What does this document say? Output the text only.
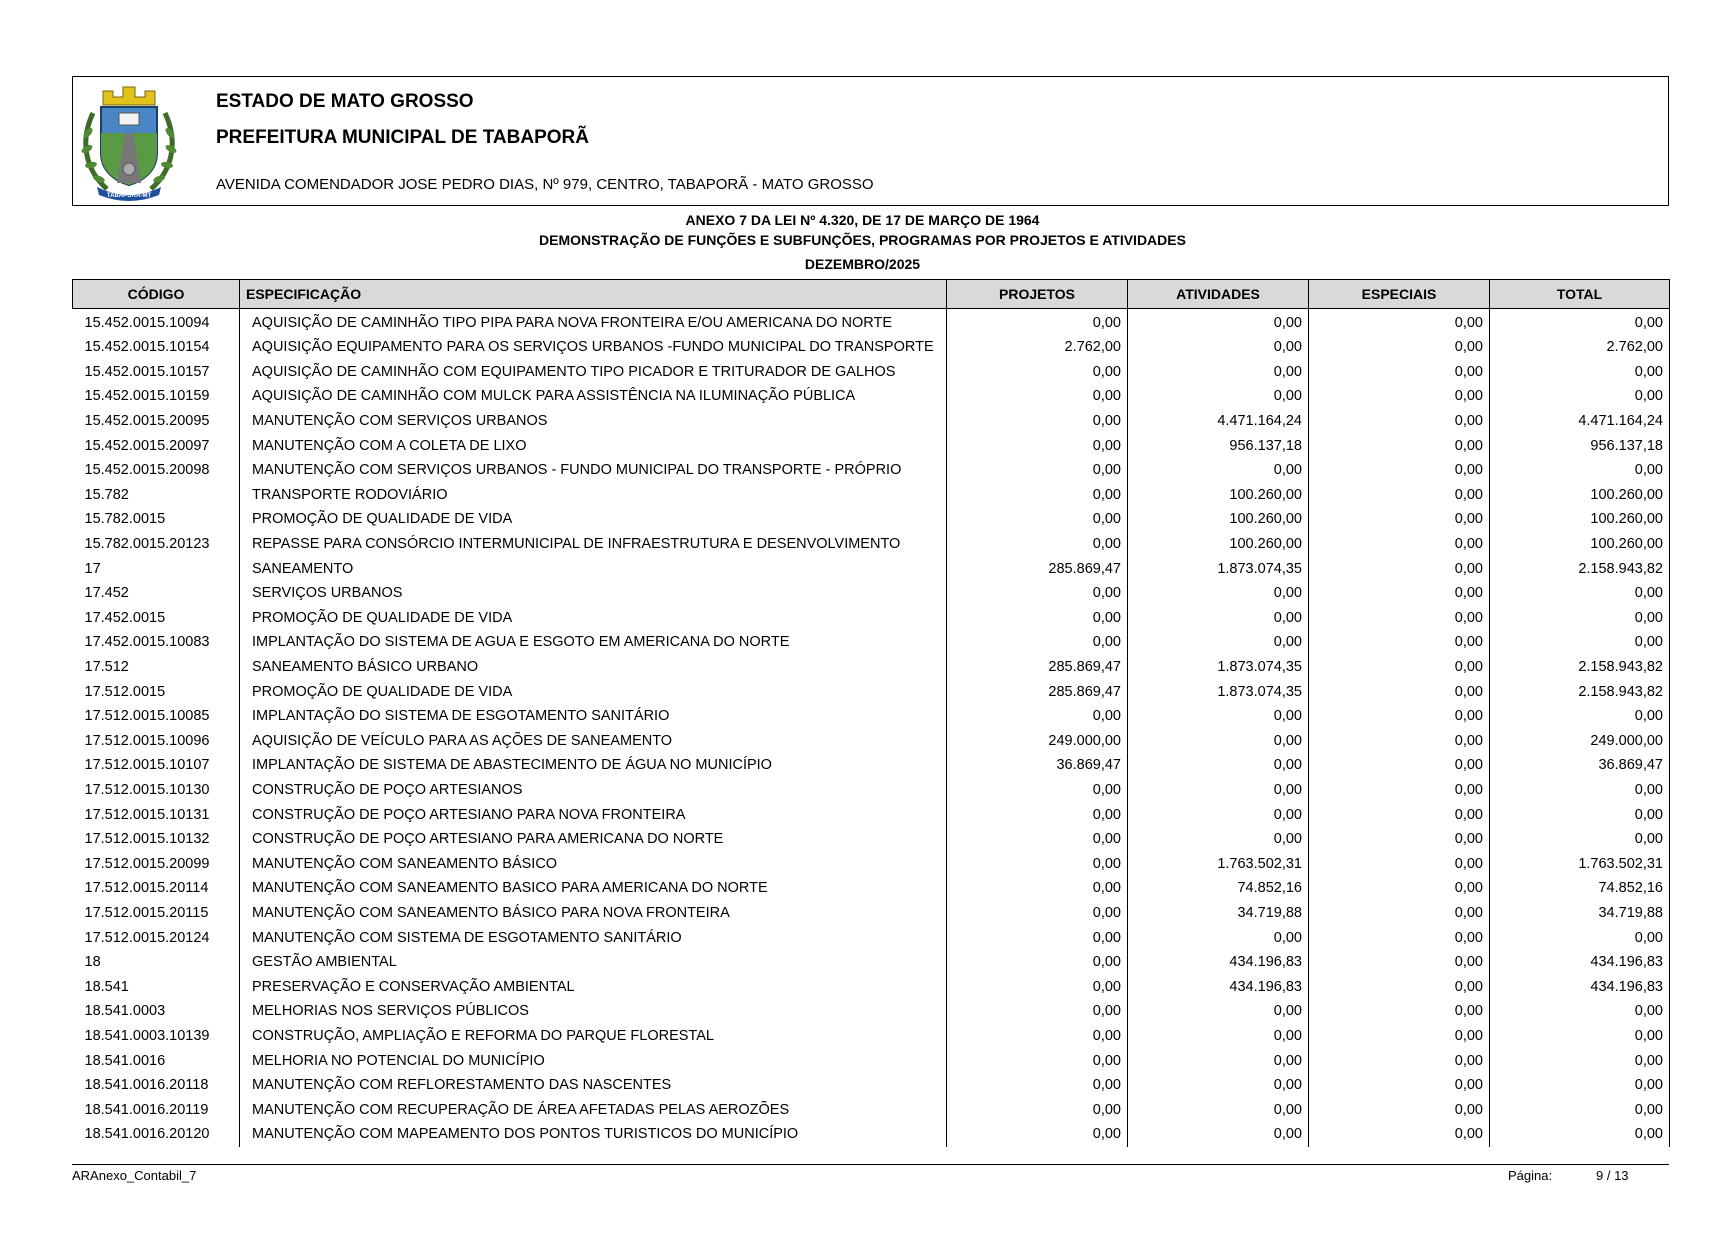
TABAPORÃ-MT
ESTADO DE MATO GROSSO
PREFEITURA MUNICIPAL DE TABAPORÃ
AVENIDA COMENDADOR JOSE PEDRO DIAS, Nº 979, CENTRO, TABAPORÃ - MATO GROSSO
ANEXO 7 DA LEI Nº 4.320, DE 17 DE MARÇO DE 1964
DEMONSTRAÇÃO DE FUNÇÕES E SUBFUNÇÕES, PROGRAMAS POR PROJETOS E ATIVIDADES
DEZEMBRO/2025
CÓDIGO	ESPECIFICAÇÃO	PROJETOS	ATIVIDADES	ESPECIAIS	TOTAL
15.452.0015.10094	AQUISIÇÃO DE CAMINHÃO TIPO PIPA PARA NOVA FRONTEIRA E/OU AMERICANA DO NORTE	0,00	0,00	0,00	0,00
15.452.0015.10154	AQUISIÇÃO EQUIPAMENTO PARA OS SERVIÇOS URBANOS -FUNDO MUNICIPAL DO TRANSPORTE	2.762,00	0,00	0,00	2.762,00
15.452.0015.10157	AQUISIÇÃO DE CAMINHÃO COM EQUIPAMENTO TIPO PICADOR E TRITURADOR DE GALHOS	0,00	0,00	0,00	0,00
15.452.0015.10159	AQUISIÇÃO DE CAMINHÃO COM MULCK PARA ASSISTÊNCIA NA ILUMINAÇÃO PÚBLICA	0,00	0,00	0,00	0,00
15.452.0015.20095	MANUTENÇÃO COM SERVIÇOS URBANOS	0,00	4.471.164,24	0,00	4.471.164,24
15.452.0015.20097	MANUTENÇÃO COM A COLETA DE LIXO	0,00	956.137,18	0,00	956.137,18
15.452.0015.20098	MANUTENÇÃO COM SERVIÇOS URBANOS - FUNDO MUNICIPAL DO TRANSPORTE - PRÓPRIO	0,00	0,00	0,00	0,00
15.782	TRANSPORTE RODOVIÁRIO	0,00	100.260,00	0,00	100.260,00
15.782.0015	PROMOÇÃO DE QUALIDADE DE VIDA	0,00	100.260,00	0,00	100.260,00
15.782.0015.20123	REPASSE PARA CONSÓRCIO INTERMUNICIPAL DE INFRAESTRUTURA E DESENVOLVIMENTO	0,00	100.260,00	0,00	100.260,00
17	SANEAMENTO	285.869,47	1.873.074,35	0,00	2.158.943,82
17.452	SERVIÇOS URBANOS	0,00	0,00	0,00	0,00
17.452.0015	PROMOÇÃO DE QUALIDADE DE VIDA	0,00	0,00	0,00	0,00
17.452.0015.10083	IMPLANTAÇÃO DO SISTEMA DE AGUA E ESGOTO EM AMERICANA DO NORTE	0,00	0,00	0,00	0,00
17.512	SANEAMENTO BÁSICO URBANO	285.869,47	1.873.074,35	0,00	2.158.943,82
17.512.0015	PROMOÇÃO DE QUALIDADE DE VIDA	285.869,47	1.873.074,35	0,00	2.158.943,82
17.512.0015.10085	IMPLANTAÇÃO DO SISTEMA DE ESGOTAMENTO SANITÁRIO	0,00	0,00	0,00	0,00
17.512.0015.10096	AQUISIÇÃO DE VEÍCULO PARA AS AÇÕES DE SANEAMENTO	249.000,00	0,00	0,00	249.000,00
17.512.0015.10107	IMPLANTAÇÃO DE SISTEMA DE ABASTECIMENTO DE ÁGUA NO MUNICÍPIO	36.869,47	0,00	0,00	36.869,47
17.512.0015.10130	CONSTRUÇÃO DE POÇO ARTESIANOS	0,00	0,00	0,00	0,00
17.512.0015.10131	CONSTRUÇÃO DE POÇO ARTESIANO PARA NOVA FRONTEIRA	0,00	0,00	0,00	0,00
17.512.0015.10132	CONSTRUÇÃO DE POÇO ARTESIANO PARA AMERICANA DO NORTE	0,00	0,00	0,00	0,00
17.512.0015.20099	MANUTENÇÃO COM SANEAMENTO BÁSICO	0,00	1.763.502,31	0,00	1.763.502,31
17.512.0015.20114	MANUTENÇÃO COM SANEAMENTO BASICO PARA AMERICANA DO NORTE	0,00	74.852,16	0,00	74.852,16
17.512.0015.20115	MANUTENÇÃO COM SANEAMENTO BÁSICO PARA NOVA FRONTEIRA	0,00	34.719,88	0,00	34.719,88
17.512.0015.20124	MANUTENÇÃO COM SISTEMA DE ESGOTAMENTO SANITÁRIO	0,00	0,00	0,00	0,00
18	GESTÃO AMBIENTAL	0,00	434.196,83	0,00	434.196,83
18.541	PRESERVAÇÃO E CONSERVAÇÃO AMBIENTAL	0,00	434.196,83	0,00	434.196,83
18.541.0003	MELHORIAS NOS SERVIÇOS PÚBLICOS	0,00	0,00	0,00	0,00
18.541.0003.10139	CONSTRUÇÃO, AMPLIAÇÃO E REFORMA DO PARQUE FLORESTAL	0,00	0,00	0,00	0,00
18.541.0016	MELHORIA NO POTENCIAL DO MUNICÍPIO	0,00	0,00	0,00	0,00
18.541.0016.20118	MANUTENÇÃO COM REFLORESTAMENTO DAS NASCENTES	0,00	0,00	0,00	0,00
18.541.0016.20119	MANUTENÇÃO COM RECUPERAÇÃO DE ÁREA AFETADAS PELAS AEROZÕES	0,00	0,00	0,00	0,00
18.541.0016.20120	MANUTENÇÃO COM MAPEAMENTO DOS PONTOS TURISTICOS DO MUNICÍPIO	0,00	0,00	0,00	0,00
ARAnexo_Contabil_7	Página:	9 / 13
